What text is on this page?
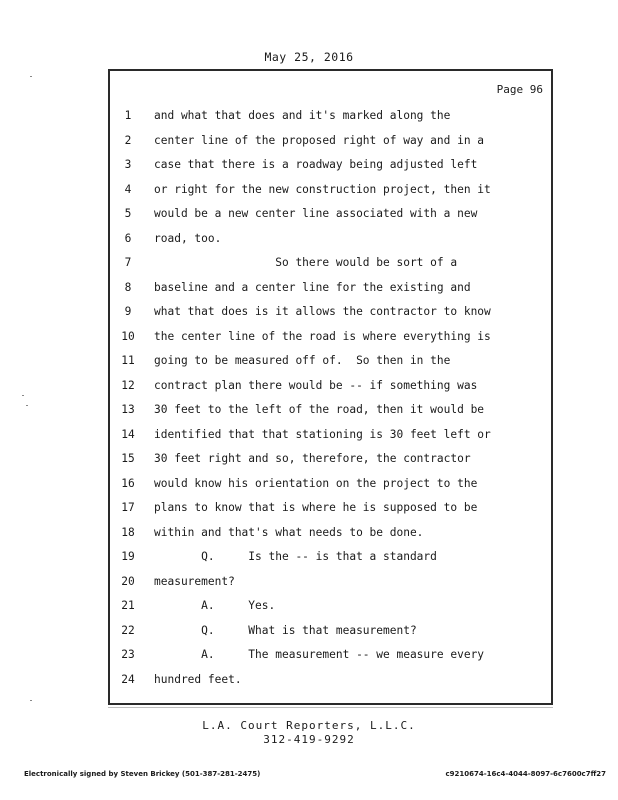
May 25, 2016
Page 96
1	and what that does and it's marked along the
2	center line of the proposed right of way and in a
3	case that there is a roadway being adjusted left
4	or right for the new construction project, then it
5	would be a new center line associated with a new
6	road, too.
7	So there would be sort of a
8	baseline and a center line for the existing and
9	what that does is it allows the contractor to know
10 the center line of the road is where everything is
11 going to be measured off of.  So then in the
12 contract plan there would be -- if something was
13 30 feet to the left of the road, then it would be
14 identified that that stationing is 30 feet left or
15 30 feet right and so, therefore, the contractor
16 would know his orientation on the project to the
17 plans to know that is where he is supposed to be
18 within and that's what needs to be done.
19 Q.     Is the -- is that a standard
20 measurement?
21 A.     Yes.
22 Q.     What is that measurement?
23 A.     The measurement -- we measure every
24 hundred feet.
L.A. Court Reporters, L.L.C.
312-419-9292
Electronically signed by Steven Brickey (501-387-281-2475)	c9210674-16c4-4044-8097-6c7600c7ff27
